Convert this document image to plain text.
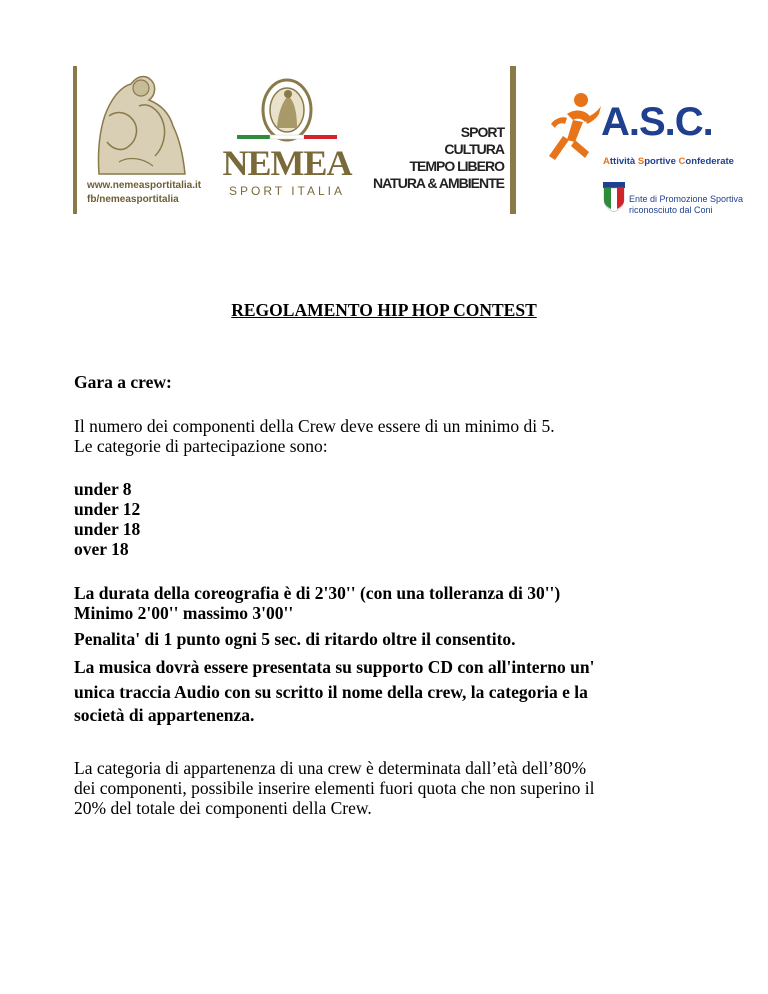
www.nemeasportitalia.it
fb/nemeasportitalia
NEMEA
SPORT ITALIA
SPORT
CULTURA
TEMPO LIBERO
NATURA & AMBIENTE
A.S.C.
Attività Sportive Confederate
Ente di Promozione Sportiva
riconosciuto dal Coni
REGOLAMENTO HIP HOP CONTEST
Gara a crew:
Il numero dei componenti della Crew deve essere di un minimo di 5.
Le categorie di partecipazione sono:
under 8
under 12
under 18
over 18
La durata della coreografia è di 2'30'' (con una tolleranza di 30'')
Minimo 2'00'' massimo 3'00''
Penalita' di 1 punto ogni 5 sec. di ritardo oltre il consentito.
La musica dovrà essere presentata su supporto CD con all'interno un'
unica traccia Audio con su scritto il nome della crew, la categoria e la
società di appartenenza.
La categoria di appartenenza di una crew è determinata dall’età dell’80%
dei componenti, possibile inserire elementi fuori quota che non superino il
20% del totale dei componenti della Crew.
